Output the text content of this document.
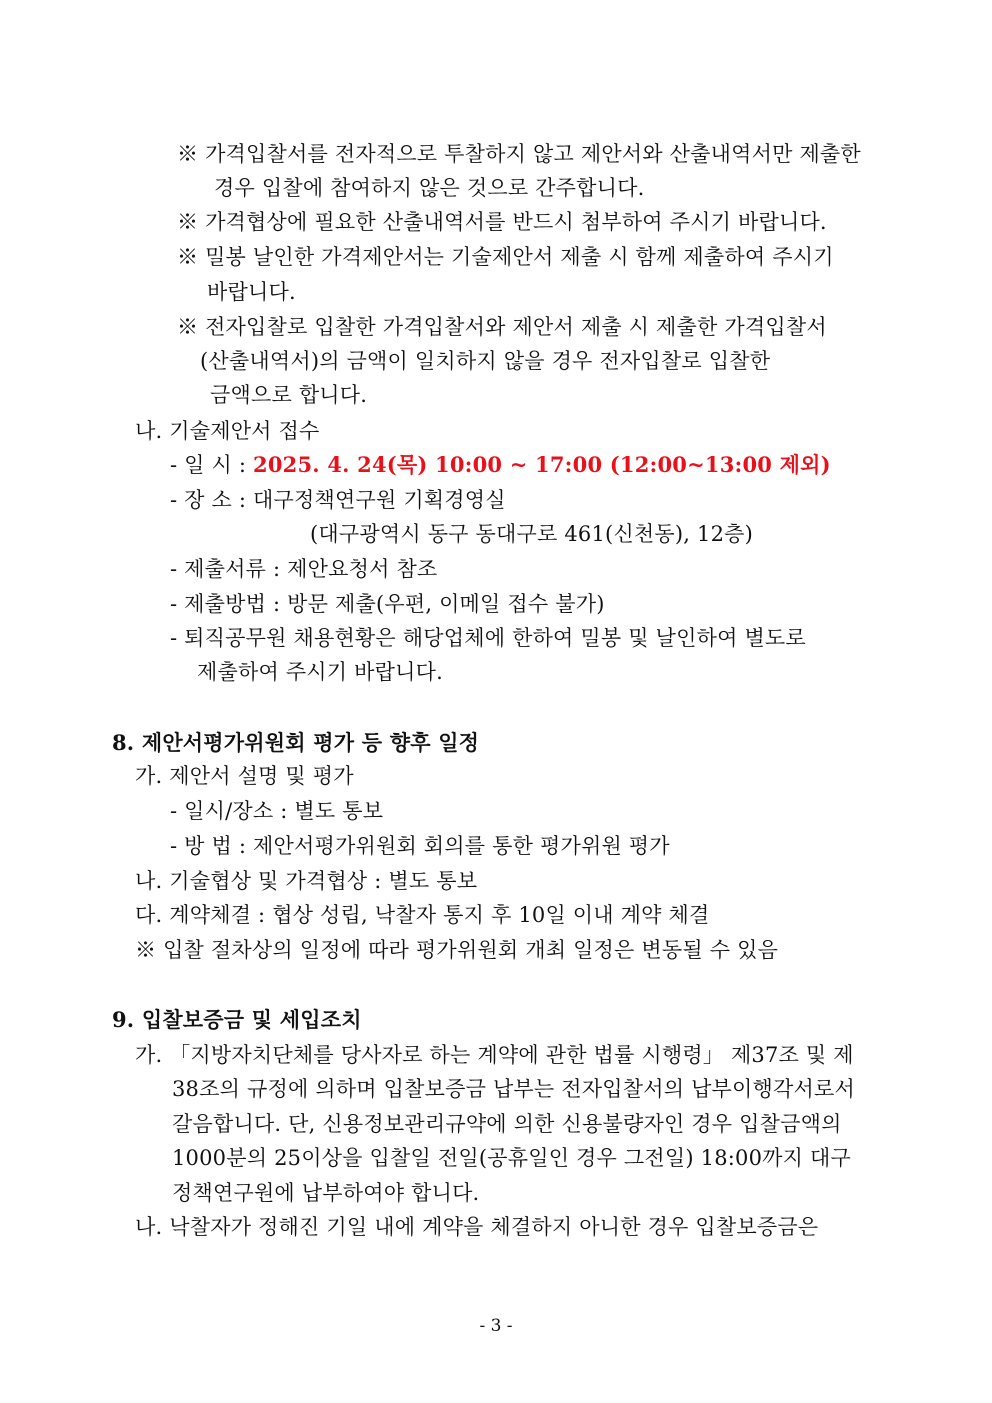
※ 가격입찰서를 전자적으로 투찰하지 않고 제안서와 산출내역서만 제출한
경우 입찰에 참여하지 않은 것으로 간주합니다.
※ 가격협상에 필요한 산출내역서를 반드시 첨부하여 주시기 바랍니다.
※ 밀봉 날인한 가격제안서는 기술제안서 제출 시 함께 제출하여 주시기
바랍니다.
※ 전자입찰로 입찰한 가격입찰서와 제안서 제출 시 제출한 가격입찰서
(산출내역서)의 금액이 일치하지 않을 경우 전자입찰로 입찰한
금액으로 합니다.
나. 기술제안서 접수
- 일 시 : 2025. 4. 24(목) 10:00 ~ 17:00 (12:00~13:00 제외)
- 장 소 : 대구정책연구원 기획경영실
(대구광역시 동구 동대구로 461(신천동), 12층)
- 제출서류 : 제안요청서 참조
- 제출방법 : 방문 제출(우편, 이메일 접수 불가)
- 퇴직공무원 채용현황은 해당업체에 한하여 밀봉 및 날인하여 별도로
제출하여 주시기 바랍니다.
8. 제안서평가위원회 평가 등 향후 일정
가. 제안서 설명 및 평가
- 일시/장소 : 별도 통보
- 방 법 : 제안서평가위원회 회의를 통한 평가위원 평가
나. 기술협상 및 가격협상 : 별도 통보
다. 계약체결 : 협상 성립, 낙찰자 통지 후 10일 이내 계약 체결
※ 입찰 절차상의 일정에 따라 평가위원회 개최 일정은 변동될 수 있음
9. 입찰보증금 및 세입조치
가. 「지방자치단체를 당사자로 하는 계약에 관한 법률 시행령」 제37조 및 제
38조의 규정에 의하며 입찰보증금 납부는 전자입찰서의 납부이행각서로서
갈음합니다. 단, 신용정보관리규약에 의한 신용불량자인 경우 입찰금액의
1000분의 25이상을 입찰일 전일(공휴일인 경우 그전일) 18:00까지 대구
정책연구원에 납부하여야 합니다.
나. 낙찰자가 정해진 기일 내에 계약을 체결하지 아니한 경우 입찰보증금은
- 3 -
